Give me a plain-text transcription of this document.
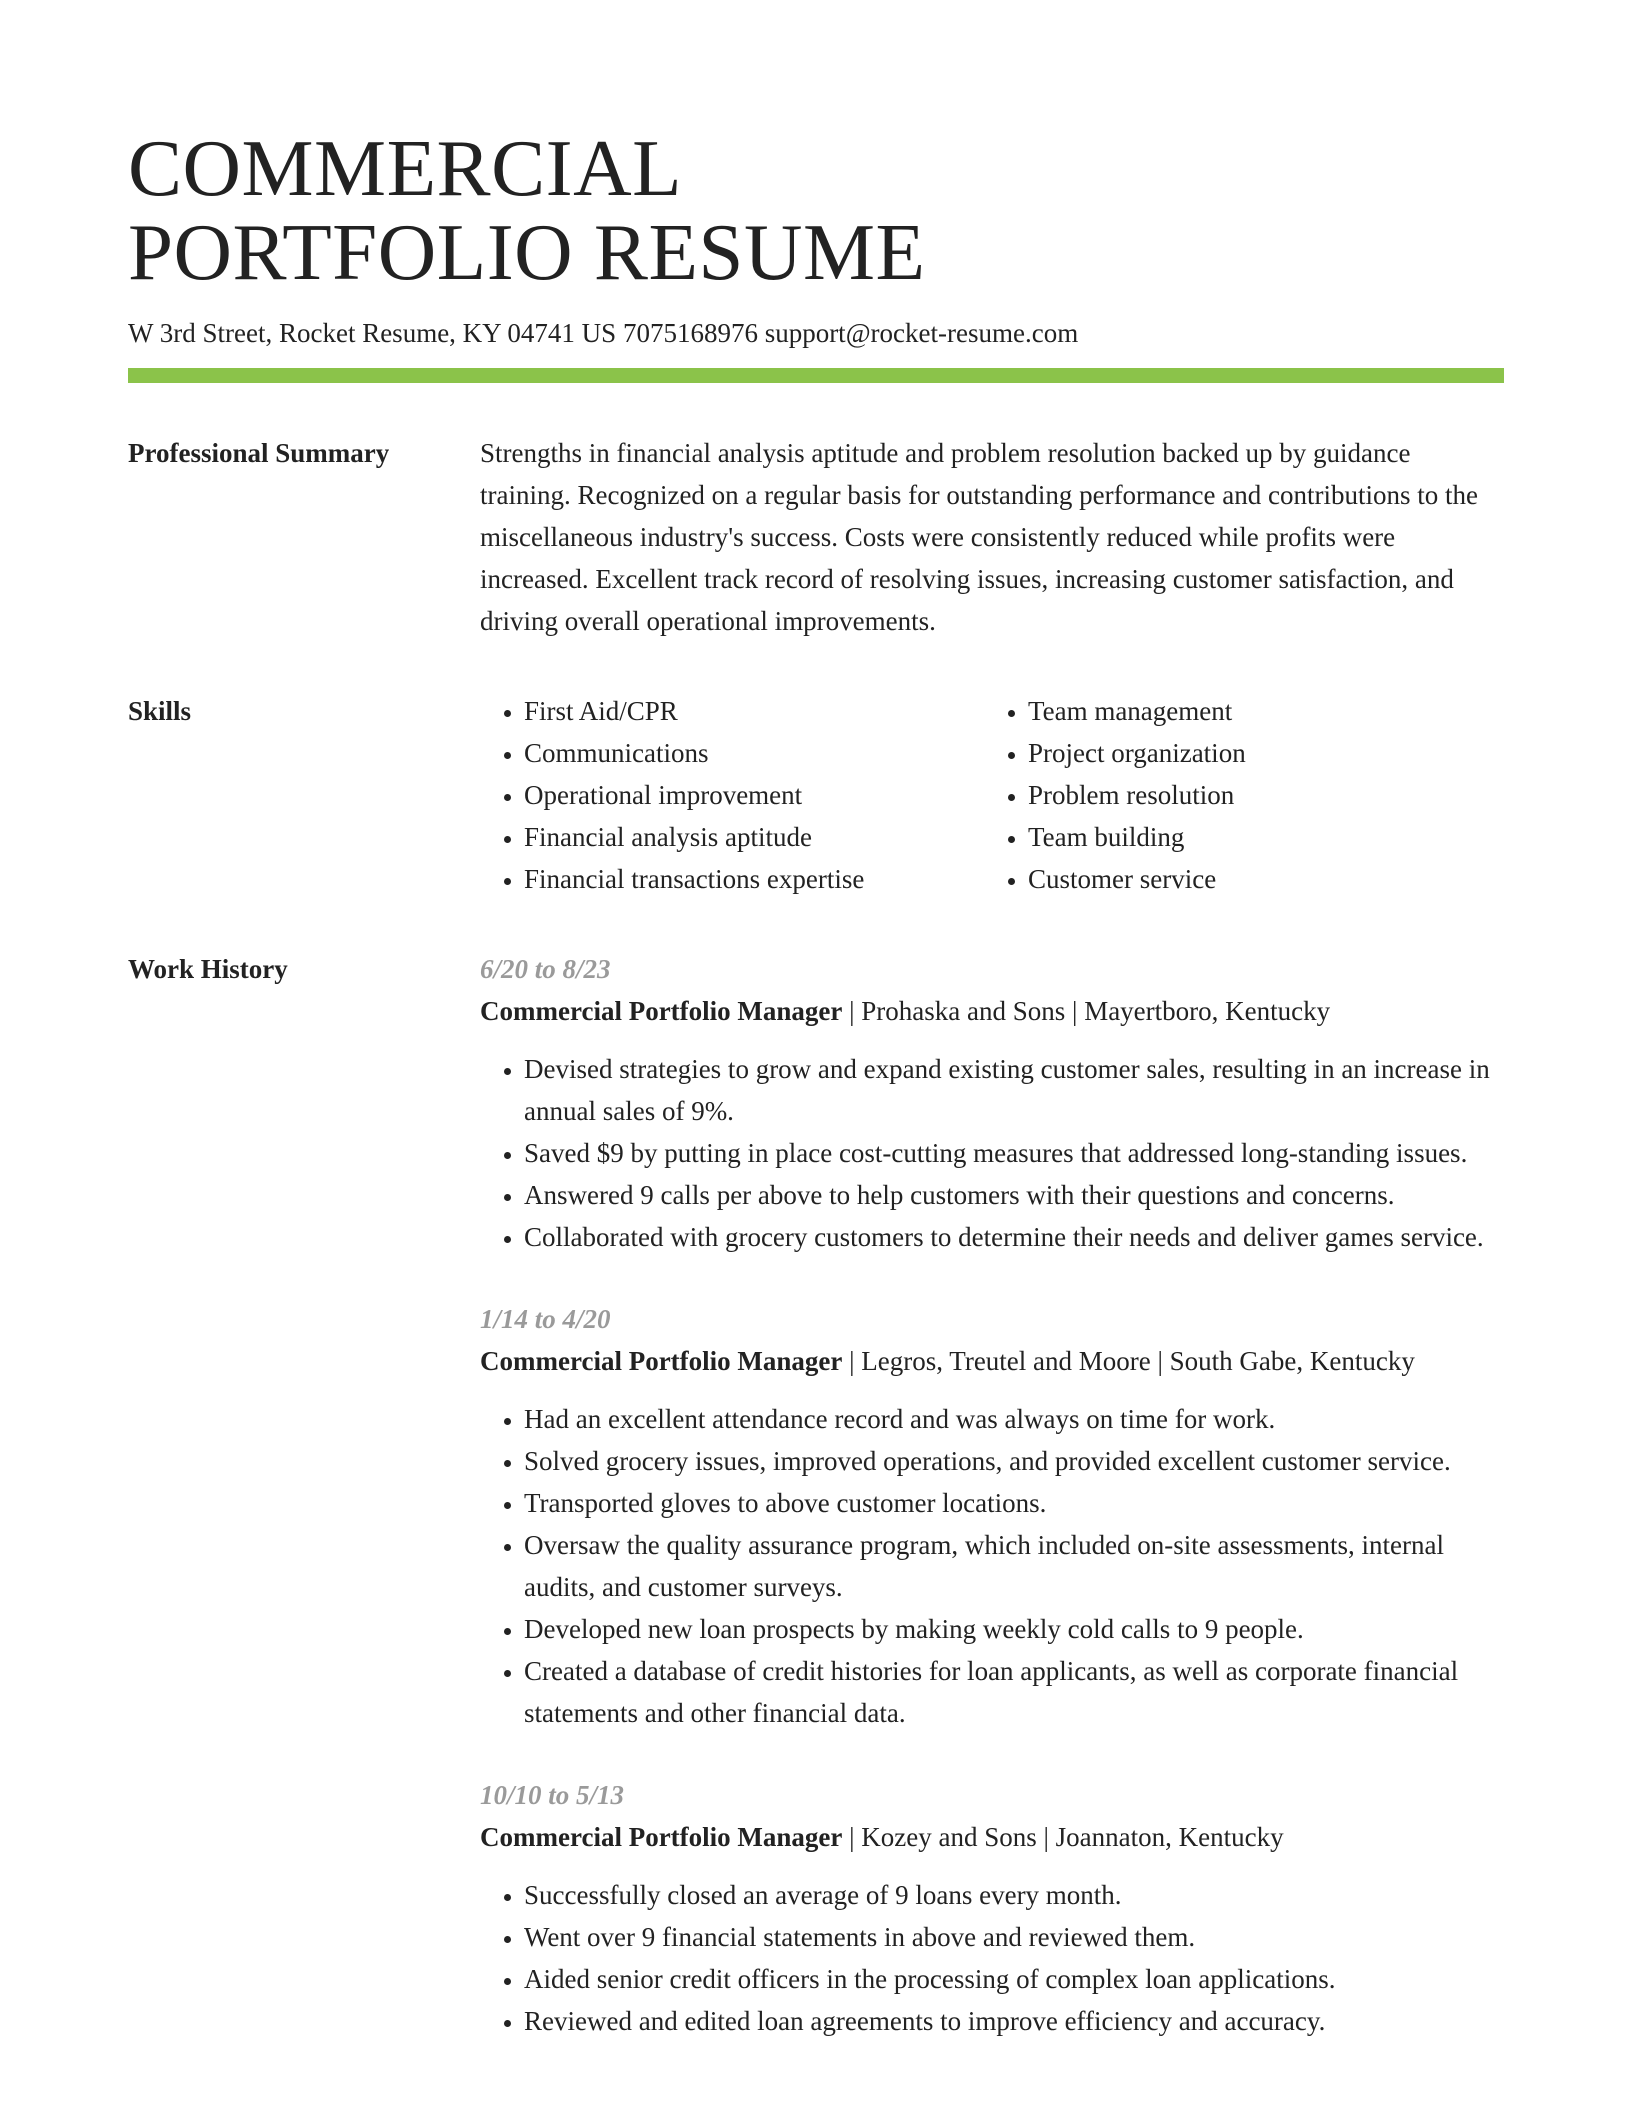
COMMERCIAL
PORTFOLIO RESUME
W 3rd Street, Rocket Resume, KY 04741 US 7075168976 support@rocket-resume.com
Professional Summary	Strengths in financial analysis aptitude and problem resolution backed up by guidance training. Recognized on a regular basis for outstanding performance and contributions to the miscellaneous industry's success. Costs were consistently reduced while profits were increased. Excellent track record of resolving issues, increasing customer satisfaction, and driving overall operational improvements.

Skills
•	First Aid/CPR
• Communications
• Operational improvement
• Financial analysis aptitude
• Financial transactions expertise
• Team management
• Project organization
• Problem resolution
• Team building
• Customer service
Work History	6/20 to 8/23
Commercial Portfolio Manager | Prohaska and Sons | Mayertboro, Kentucky
• Devised strategies to grow and expand existing customer sales, resulting in an increase in annual sales of 9%.
• Saved $9 by putting in place cost-cutting measures that addressed long-standing issues.
• Answered 9 calls per above to help customers with their questions and concerns.
• Collaborated with grocery customers to determine their needs and deliver games service.
1/14 to 4/20
Commercial Portfolio Manager | Legros, Treutel and Moore | South Gabe, Kentucky
• Had an excellent attendance record and was always on time for work.
• Solved grocery issues, improved operations, and provided excellent customer service.
• Transported gloves to above customer locations.
• Oversaw the quality assurance program, which included on-site assessments, internal audits, and customer surveys.
• Developed new loan prospects by making weekly cold calls to 9 people.
• Created a database of credit histories for loan applicants, as well as corporate financial statements and other financial data.
10/10 to 5/13
Commercial Portfolio Manager | Kozey and Sons | Joannaton, Kentucky
• Successfully closed an average of 9 loans every month.
• Went over 9 financial statements in above and reviewed them.
• Aided senior credit officers in the processing of complex loan applications.
• Reviewed and edited loan agreements to improve efficiency and accuracy.
